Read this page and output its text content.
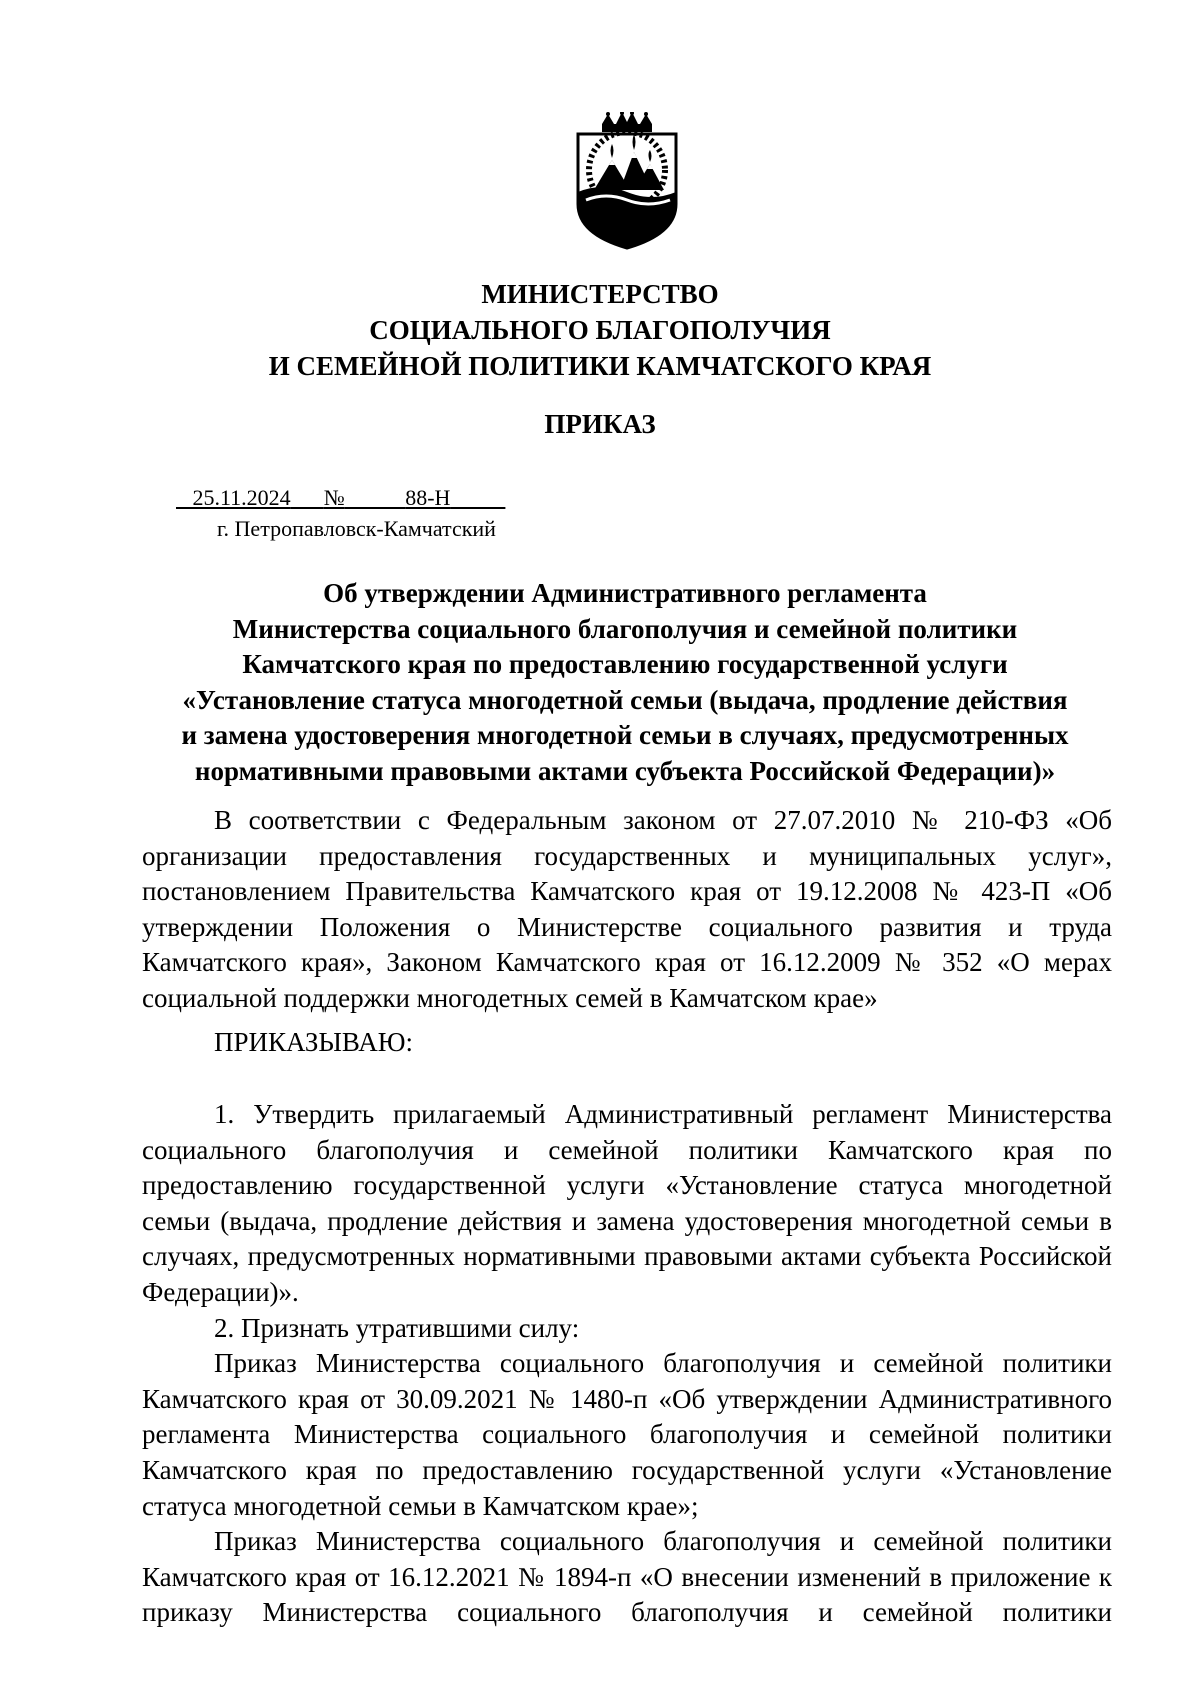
МИНИСТЕРСТВО
СОЦИАЛЬНОГО БЛАГОПОЛУЧИЯ
И СЕМЕЙНОЙ ПОЛИТИКИ КАМЧАТСКОГО КРАЯ
ПРИКАЗ
25.11.2024 №	88-Н
г. Петропавловск-Камчатский
Об утверждении Административного регламента
Министерства социального благополучия и семейной политики
Камчатского края по предоставлению государственной услуги
«Установление статуса многодетной семьи (выдача, продление действия
и замена удостоверения многодетной семьи в случаях, предусмотренных
нормативными правовыми актами субъекта Российской Федерации)»

В соответствии с Федеральным законом от 27.07.2010 № 210-ФЗ «Об организации предоставления государственных и муниципальных услуг», постановлением Правительства Камчатского края от 19.12.2008 № 423-П «Об утверждении Положения о Министерстве социального развития и труда Камчатского края», Законом Камчатского края от 16.12.2009 № 352 «О мерах социальной поддержки многодетных семей в Камчатском крае»

ПРИКАЗЫВАЮ:

1. Утвердить прилагаемый Административный регламент Министерства социального благополучия и семейной политики Камчатского края по предоставлению государственной услуги «Установление статуса многодетной семьи (выдача, продление действия и замена удостоверения многодетной семьи в случаях, предусмотренных нормативными правовыми актами субъекта Российской Федерации)».

2. Признать утратившими силу:

Приказ Министерства социального благополучия и семейной политики Камчатского края от 30.09.2021 № 1480-п «Об утверждении Административного регламента Министерства социального благополучия и семейной политики Камчатского края по предоставлению государственной услуги «Установление статуса многодетной семьи в Камчатском крае»;

Приказ Министерства социального благополучия и семейной политики Камчатского края от 16.12.2021 № 1894-п «О внесении изменений в приложение к приказу Министерства социального благополучия и семейной политики
